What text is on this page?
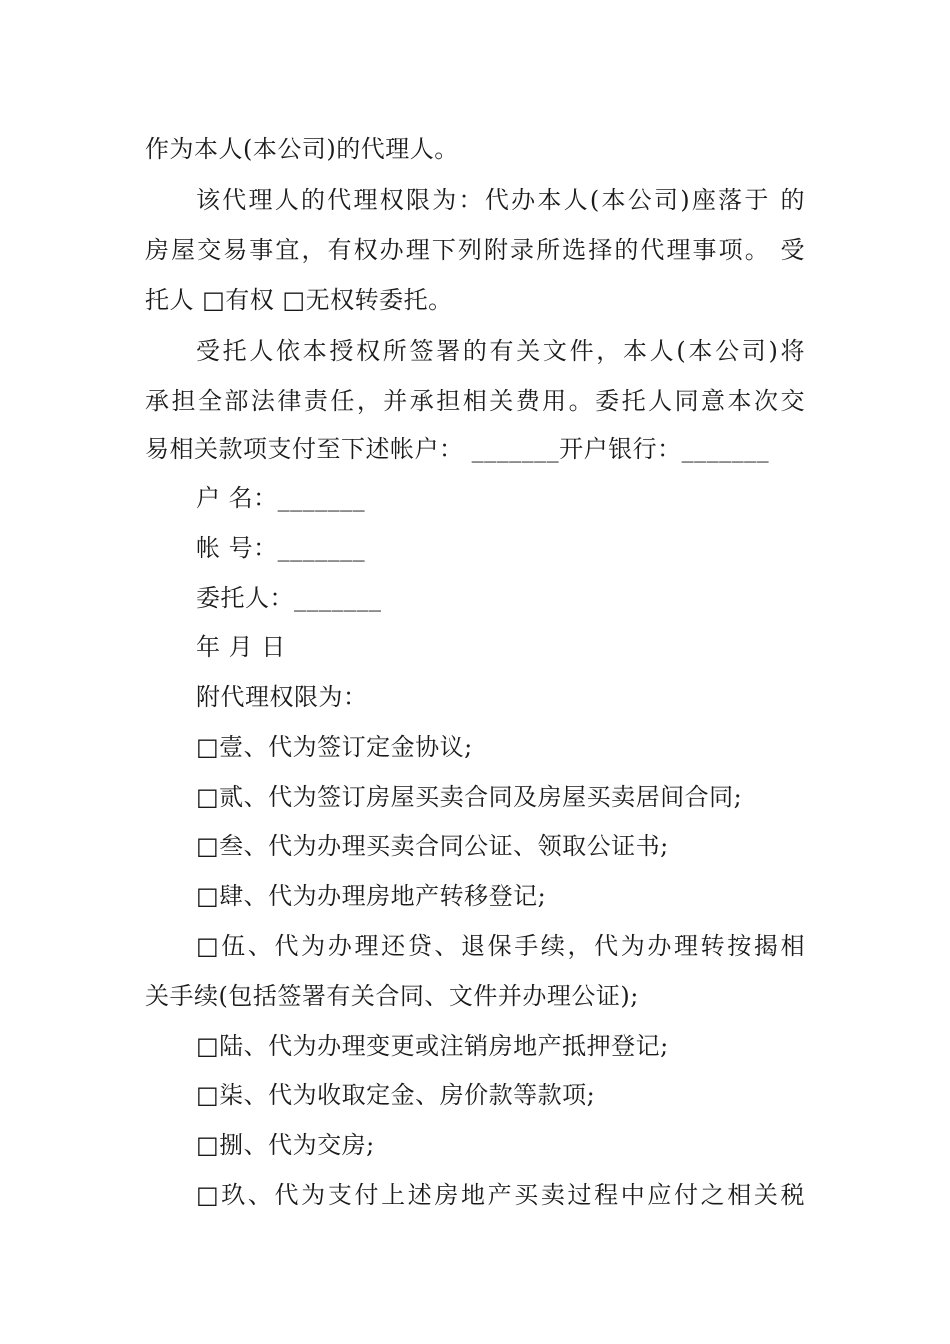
作为本人(本公司)的代理人。
该代理人的代理权限为：代办本人(本公司)座落于 的
房屋交易事宜，有权办理下列附录所选择的代理事项。 受
托人 □有权 □无权转委托。
受托人依本授权所签署的有关文件，本人(本公司)将
承担全部法律责任，并承担相关费用。委托人同意本次交
易相关款项支付至下述帐户： _______开户银行：_______
户 名：_______
帐 号：_______
委托人：_______
年 月 日
附代理权限为：
□壹、代为签订定金协议;
□贰、代为签订房屋买卖合同及房屋买卖居间合同;
□叁、代为办理买卖合同公证、领取公证书;
□肆、代为办理房地产转移登记;
□伍、代为办理还贷、退保手续，代为办理转按揭相
关手续(包括签署有关合同、文件并办理公证);
□陆、代为办理变更或注销房地产抵押登记;
□柒、代为收取定金、房价款等款项;
□捌、代为交房;
□玖、代为支付上述房地产买卖过程中应付之相关税
